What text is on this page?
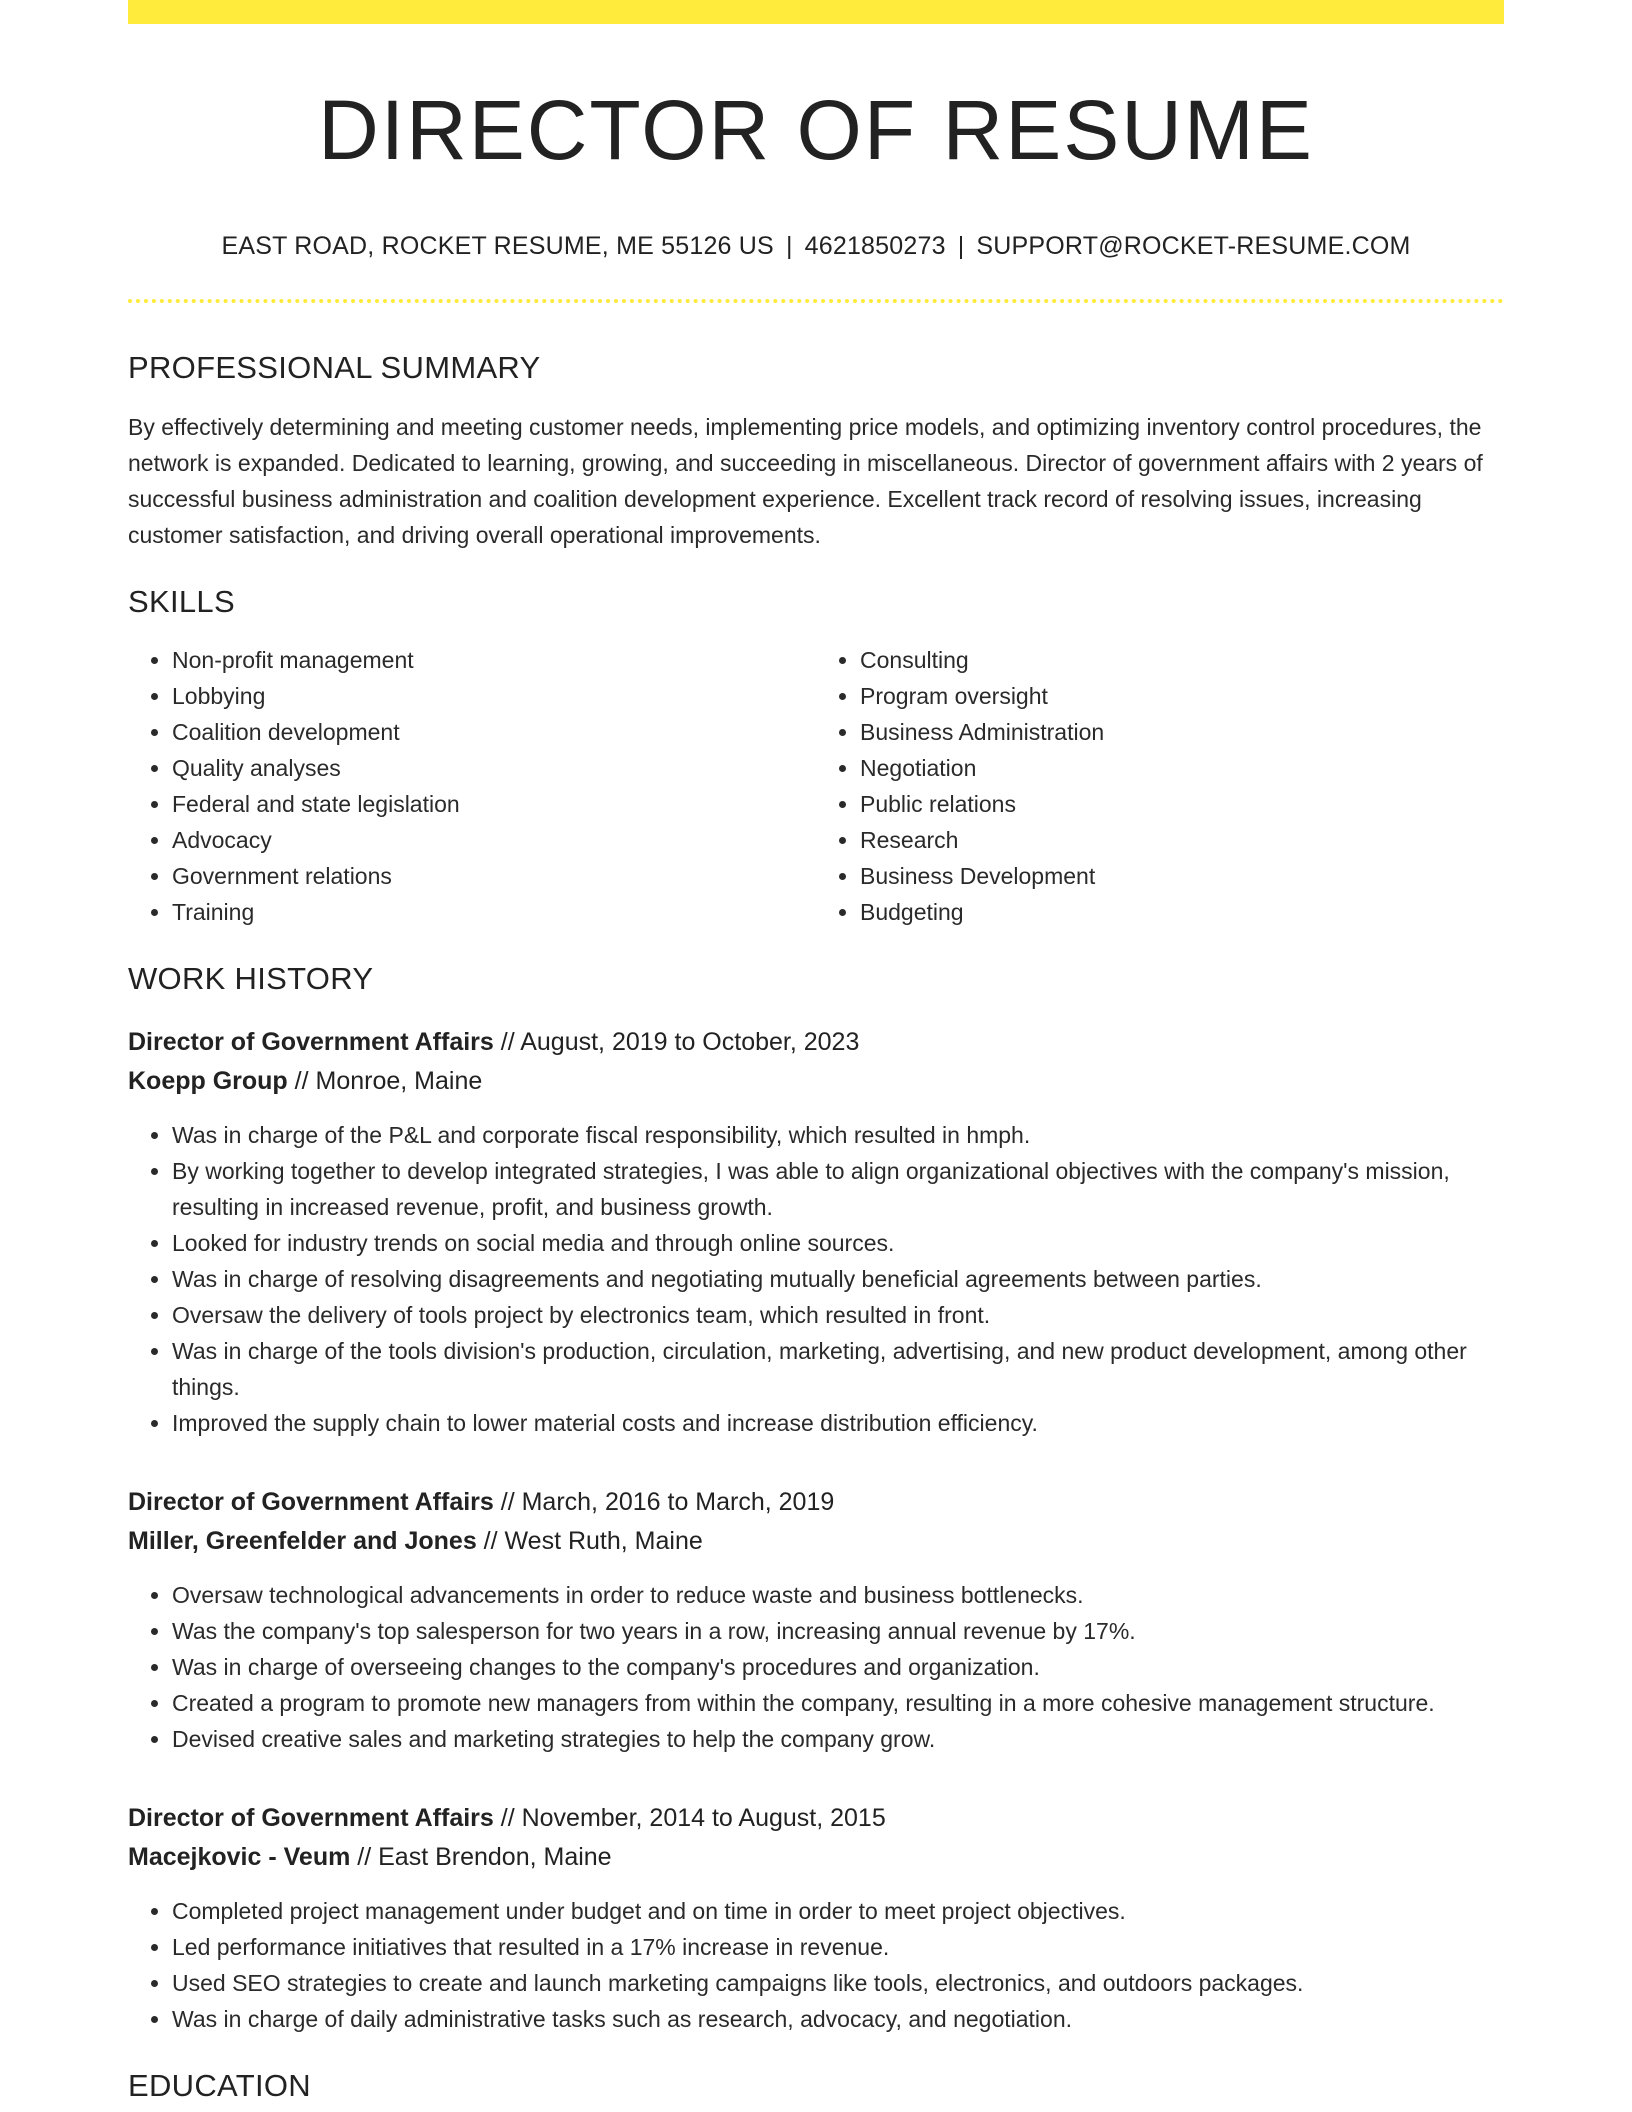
DIRECTOR OF RESUME
EAST ROAD, ROCKET RESUME, ME 55126 US | 4621850273 | SUPPORT@ROCKET-RESUME.COM
PROFESSIONAL SUMMARY

By effectively determining and meeting customer needs, implementing price models, and optimizing inventory control procedures, the network is expanded. Dedicated to learning, growing, and succeeding in miscellaneous. Director of government affairs with 2 years of successful business administration and coalition development experience. Excellent track record of resolving issues, increasing customer satisfaction, and driving overall operational improvements.

SKILLS
• Non-profit management
• Lobbying
• Coalition development
• Quality analyses
• Federal and state legislation
• Advocacy
• Government relations
• Training
• Consulting
• Program oversight
• Business Administration
• Negotiation
• Public relations
• Research
• Business Development
• Budgeting
WORK HISTORY
Director of Government Affairs // August, 2019 to October, 2023
Koepp Group // Monroe, Maine
• Was in charge of the P&L and corporate fiscal responsibility, which resulted in hmph.
• By working together to develop integrated strategies, I was able to align organizational objectives with the company's mission, resulting in increased revenue, profit, and business growth.
• Looked for industry trends on social media and through online sources.
• Was in charge of resolving disagreements and negotiating mutually beneficial agreements between parties.
• Oversaw the delivery of tools project by electronics team, which resulted in front.
• Was in charge of the tools division's production, circulation, marketing, advertising, and new product development, among other things.
• Improved the supply chain to lower material costs and increase distribution efficiency.
Director of Government Affairs // March, 2016 to March, 2019
Miller, Greenfelder and Jones // West Ruth, Maine
• Oversaw technological advancements in order to reduce waste and business bottlenecks.
• Was the company's top salesperson for two years in a row, increasing annual revenue by 17%.
• Was in charge of overseeing changes to the company's procedures and organization.
• Created a program to promote new managers from within the company, resulting in a more cohesive management structure.
• Devised creative sales and marketing strategies to help the company grow.
Director of Government Affairs // November, 2014 to August, 2015
Macejkovic - Veum // East Brendon, Maine
• Completed project management under budget and on time in order to meet project objectives.
• Led performance initiatives that resulted in a 17% increase in revenue.
• Used SEO strategies to create and launch marketing campaigns like tools, electronics, and outdoors packages.
• Was in charge of daily administrative tasks such as research, advocacy, and negotiation.
EDUCATION
